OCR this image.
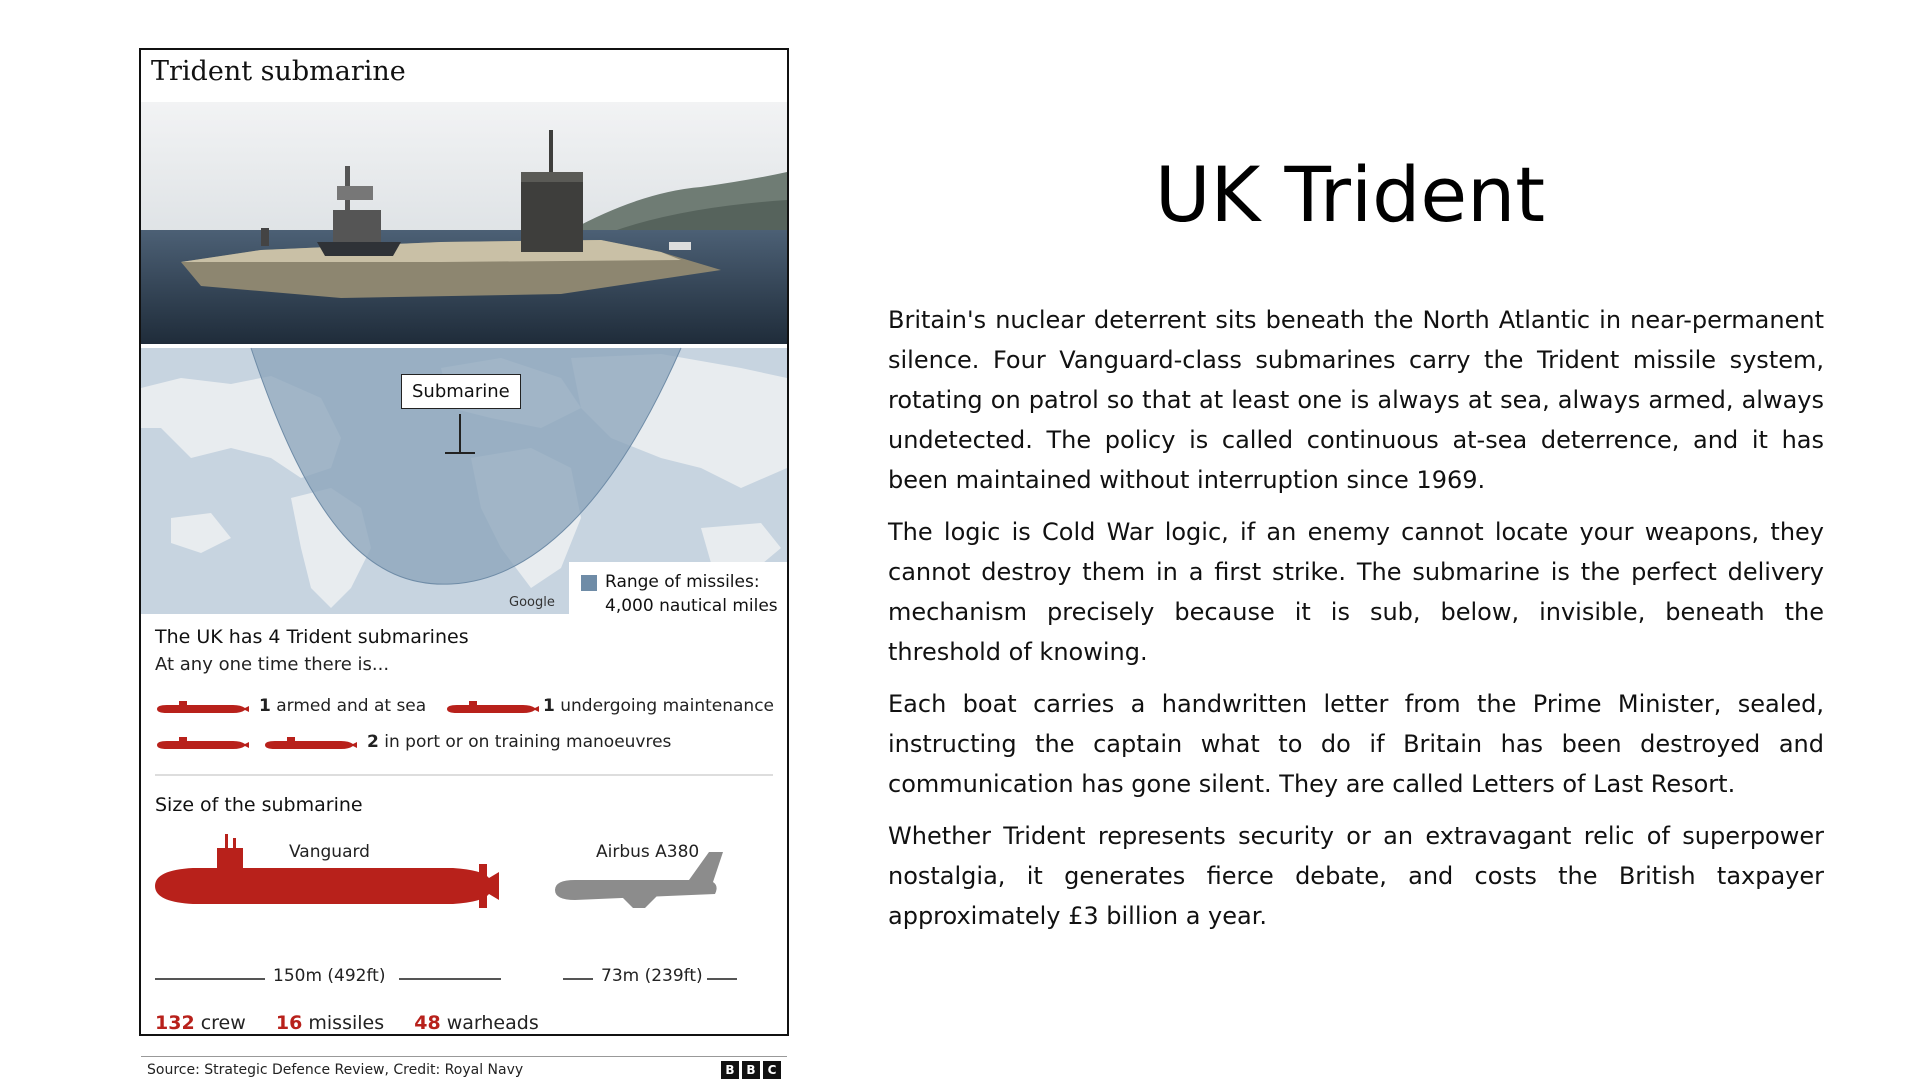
Trident submarine
Submarine
Google
Range of missiles:
4,000 nautical miles
The UK has 4 Trident submarines
At any one time there is...
1 armed and at sea	1 undergoing maintenance
2 in port or on training manoeuvres
Size of the submarine
Vanguard	Airbus A380
150m (492ft)	73m (239ft)
132 crew 16 missiles 48 warheads
Source: Strategic Defence Review, Credit: Royal Navy	B B	C
UK Trident

Britain's nuclear deterrent sits beneath the North Atlantic in near-permanent silence. Four Vanguard-class submarines carry the Trident missile system, rotating on patrol so that at least one is always at sea, always armed, always undetected. The policy is called continuous at-sea deterrence, and it has been maintained without interruption since 1969.

The logic is Cold War logic, if an enemy cannot locate your weapons, they cannot destroy them in a first strike. The submarine is the perfect delivery mechanism precisely because it is sub, below, invisible, beneath the threshold of knowing.

Each boat carries a handwritten letter from the Prime Minister, sealed, instructing the captain what to do if Britain has been destroyed and communication has gone silent. They are called Letters of Last Resort.

Whether Trident represents security or an extravagant relic of superpower nostalgia, it generates fierce debate, and costs the British taxpayer approximately £3 billion a year.
